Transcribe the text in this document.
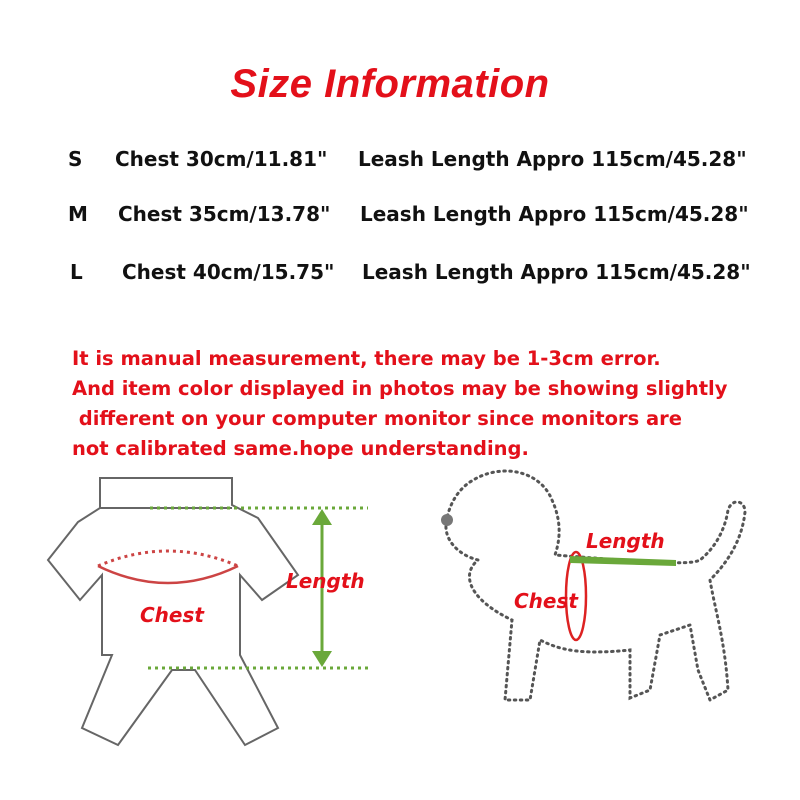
Size Information
S Chest 30cm/11.81" Leash Length Appro 115cm/45.28"
M Chest 35cm/13.78" Leash Length Appro 115cm/45.28"
L Chest 40cm/15.75" Leash Length Appro 115cm/45.28"
It is manual measurement, there may be 1-3cm error.
And item color displayed in photos may be showing slightly
different on your computer monitor since monitors are
not calibrated same.hope understanding.
Chest
Length
Length
Chest
